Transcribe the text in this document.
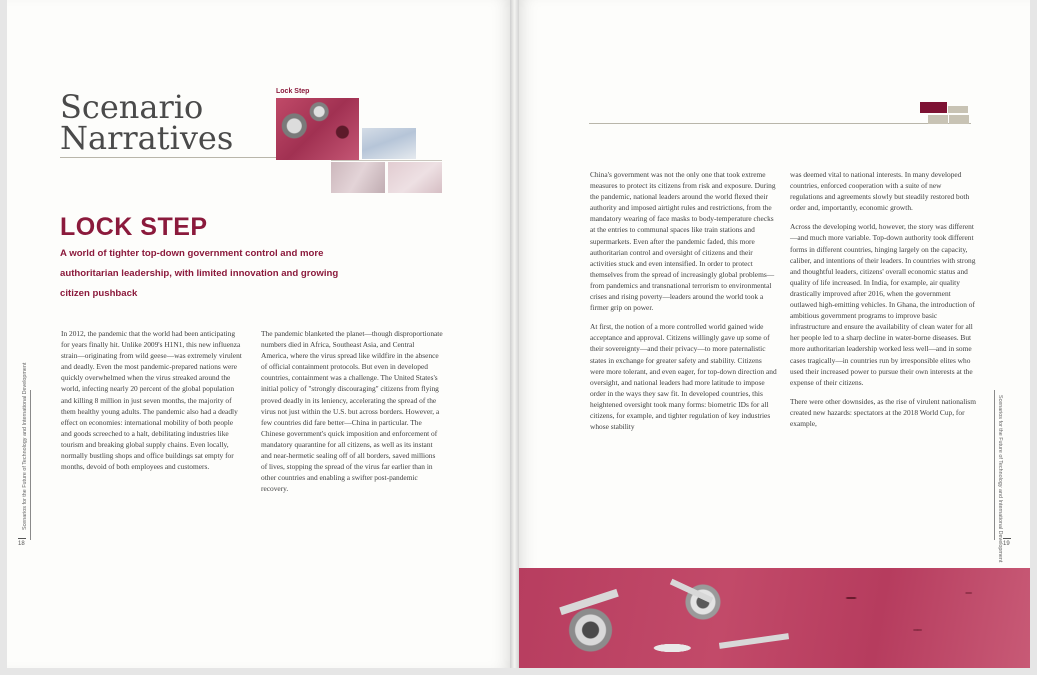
Scenario
Narratives
Lock Step
LOCK STEP
A world of tighter top-down government control and more authoritarian leadership, with limited innovation and growing citizen pushback

In 2012, the pandemic that the world had been anticipating for years finally hit. Unlike 2009's H1N1, this new influenza strain—originating from wild geese—was extremely virulent and deadly. Even the most pandemic-prepared nations were quickly overwhelmed when the virus streaked around the world, infecting nearly 20 percent of the global population and killing 8 million in just seven months, the majority of them healthy young adults. The pandemic also had a deadly effect on economies: international mobility of both people and goods screeched to a halt, debilitating industries like tourism and breaking global supply chains. Even locally, normally bustling shops and office buildings sat empty for months, devoid of both employees and customers.

The pandemic blanketed the planet—though disproportionate numbers died in Africa, Southeast Asia, and Central America, where the virus spread like wildfire in the absence of official containment protocols. But even in developed countries, containment was a challenge. The United States's initial policy of "strongly discouraging" citizens from flying proved deadly in its leniency, accelerating the spread of the virus not just within the U.S. but across borders. However, a few countries did fare better—China in particular. The Chinese government's quick imposition and enforcement of mandatory quarantine for all citizens, as well as its instant and near-hermetic sealing off of all borders, saved millions of lives, stopping the spread of the virus far earlier than in other countries and enabling a swifter post-pandemic recovery.

Scenarios for the Future of Technology and International Development
18

China's government was not the only one that took extreme measures to protect its citizens from risk and exposure. During the pandemic, national leaders around the world flexed their authority and imposed airtight rules and restrictions, from the mandatory wearing of face masks to body-temperature checks at the entries to communal spaces like train stations and supermarkets. Even after the pandemic faded, this more authoritarian control and oversight of citizens and their activities stuck and even intensified. In order to protect themselves from the spread of increasingly global problems—from pandemics and transnational terrorism to environmental crises and rising poverty—leaders around the world took a firmer grip on power.

At first, the notion of a more controlled world gained wide acceptance and approval. Citizens willingly gave up some of their sovereignty—and their privacy—to more paternalistic states in exchange for greater safety and stability. Citizens were more tolerant, and even eager, for top-down direction and oversight, and national leaders had more latitude to impose order in the ways they saw fit. In developed countries, this heightened oversight took many forms: biometric IDs for all citizens, for example, and tighter regulation of key industries whose stability

was deemed vital to national interests. In many developed countries, enforced cooperation with a suite of new regulations and agreements slowly but steadily restored both order and, importantly, economic growth.

Across the developing world, however, the story was different—and much more variable. Top-down authority took different forms in different countries, hinging largely on the capacity, caliber, and intentions of their leaders. In countries with strong and thoughtful leaders, citizens' overall economic status and quality of life increased. In India, for example, air quality drastically improved after 2016, when the government outlawed high-emitting vehicles. In Ghana, the introduction of ambitious government programs to improve basic infrastructure and ensure the availability of clean water for all her people led to a sharp decline in water-borne diseases. But more authoritarian leadership worked less well—and in some cases tragically—in countries run by irresponsible elites who used their increased power to pursue their own interests at the expense of their citizens.

There were other downsides, as the rise of virulent nationalism created new hazards: spectators at the 2018 World Cup, for example,	Scenarios for the Future of Technology and International Development 19
